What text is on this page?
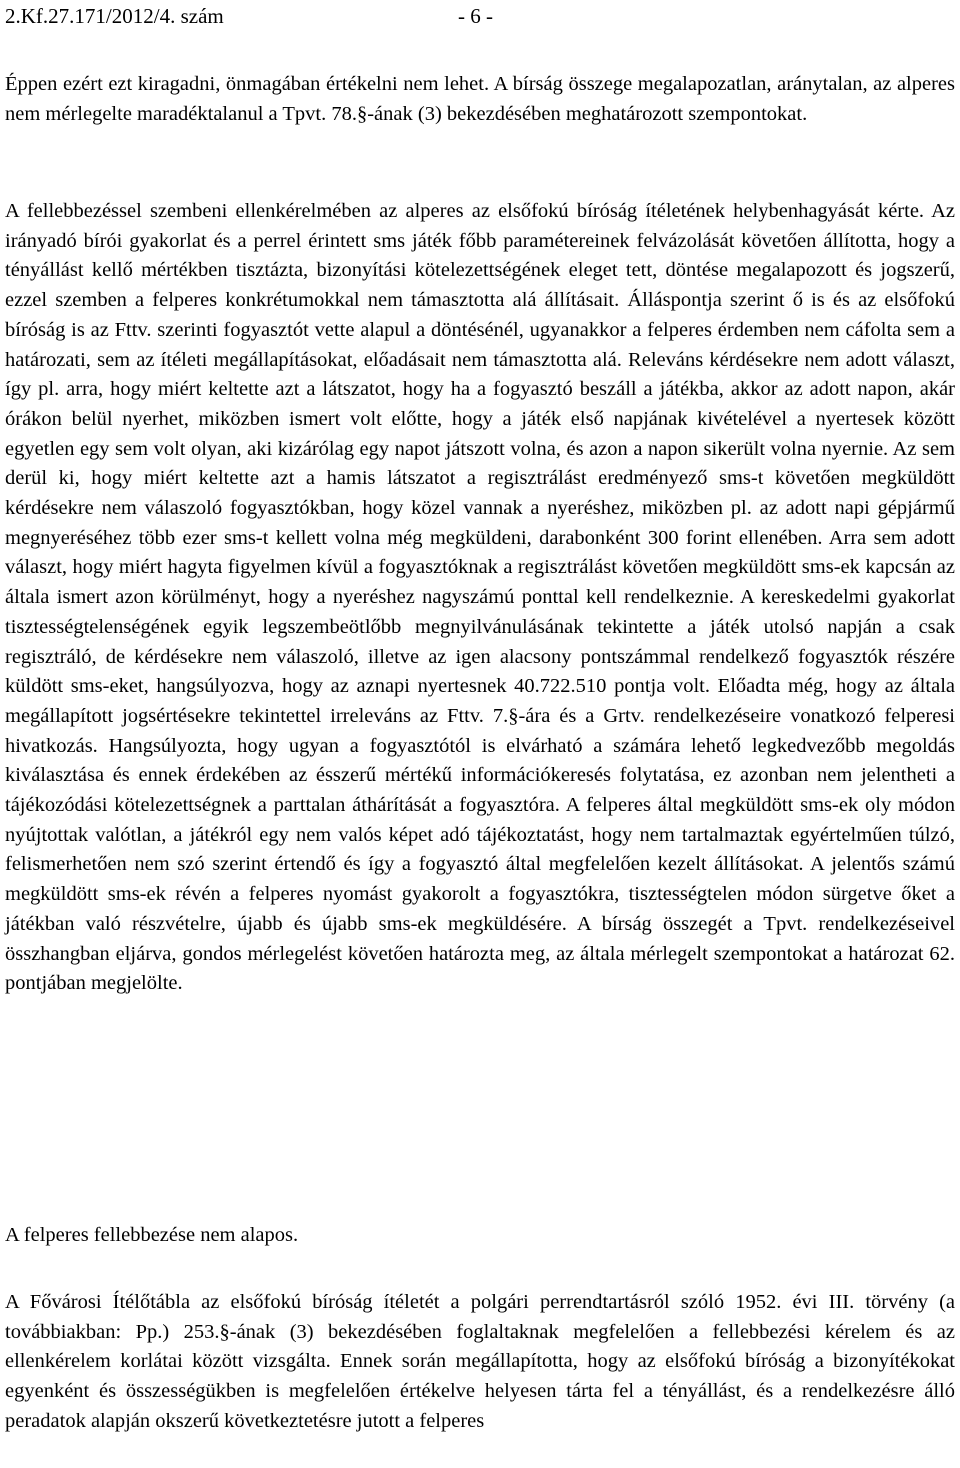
2.Kf.27.171/2012/4. szám	- 6 -

Éppen ezért ezt kiragadni, önmagában értékelni nem lehet. A bírság összege megalapozatlan, aránytalan, az alperes nem mérlegelte maradéktalanul a Tpvt. 78.§-ának (3) bekezdésében meghatározott szempontokat.

A fellebbezéssel szembeni ellenkérelmében az alperes az elsőfokú bíróság ítéletének helybenhagyását kérte. Az irányadó bírói gyakorlat és a perrel érintett sms játék főbb paramétereinek felvázolását követően állította, hogy a tényállást kellő mértékben tisztázta, bizonyítási kötelezettségének eleget tett, döntése megalapozott és jogszerű, ezzel szemben a felperes konkrétumokkal nem támasztotta alá állításait. Álláspontja szerint ő is és az elsőfokú bíróság is az Fttv. szerinti fogyasztót vette alapul a döntésénél, ugyanakkor a felperes érdemben nem cáfolta sem a határozati, sem az ítéleti megállapításokat, előadásait nem támasztotta alá. Releváns kérdésekre nem adott választ, így pl. arra, hogy miért keltette azt a látszatot, hogy ha a fogyasztó beszáll a játékba, akkor az adott napon, akár órákon belül nyerhet, miközben ismert volt előtte, hogy a játék első napjának kivételével a nyertesek között egyetlen egy sem volt olyan, aki kizárólag egy napot játszott volna, és azon a napon sikerült volna nyernie. Az sem derül ki, hogy miért keltette azt a hamis látszatot a regisztrálást eredményező sms-t követően megküldött kérdésekre nem válaszoló fogyasztókban, hogy közel vannak a nyeréshez, miközben pl. az adott napi gépjármű megnyeréséhez több ezer sms-t kellett volna még megküldeni, darabonként 300 forint ellenében. Arra sem adott választ, hogy miért hagyta figyelmen kívül a fogyasztóknak a regisztrálást követően megküldött sms-ek kapcsán az általa ismert azon körülményt, hogy a nyeréshez nagyszámú ponttal kell rendelkeznie. A kereskedelmi gyakorlat tisztességtelenségének egyik legszembeötlőbb megnyilvánulásának tekintette a játék utolsó napján a csak regisztráló, de kérdésekre nem válaszoló, illetve az igen alacsony pontszámmal rendelkező fogyasztók részére küldött sms-eket, hangsúlyozva, hogy az aznapi nyertesnek 40.722.510 pontja volt. Előadta még, hogy az általa megállapított jogsértésekre tekintettel irreleváns az Fttv. 7.§-ára és a Grtv. rendelkezéseire vonatkozó felperesi hivatkozás. Hangsúlyozta, hogy ugyan a fogyasztótól is elvárható a számára lehető legkedvezőbb megoldás kiválasztása és ennek érdekében az ésszerű mértékű információkeresés folytatása, ez azonban nem jelentheti a tájékozódási kötelezettségnek a parttalan áthárítását a fogyasztóra. A felperes által megküldött sms-ek oly módon nyújtottak valótlan, a játékról egy nem valós képet adó tájékoztatást, hogy nem tartalmaztak egyértelműen túlzó, felismerhetően nem szó szerint értendő és így a fogyasztó által megfelelően kezelt állításokat. A jelentős számú megküldött sms-ek révén a felperes nyomást gyakorolt a fogyasztókra, tisztességtelen módon sürgetve őket a játékban való részvételre, újabb és újabb sms-ek megküldésére. A bírság összegét a Tpvt. rendelkezéseivel összhangban eljárva, gondos mérlegelést követően határozta meg, az általa mérlegelt szempontokat a határozat 62. pontjában megjelölte.

A felperes fellebbezése nem alapos.

A Fővárosi Ítélőtábla az elsőfokú bíróság ítéletét a polgári perrendtartásról szóló 1952. évi III. törvény (a továbbiakban: Pp.) 253.§-ának (3) bekezdésében foglaltaknak megfelelően a fellebbezési kérelem és az ellenkérelem korlátai között vizsgálta. Ennek során megállapította, hogy az elsőfokú bíróság a bizonyítékokat egyenként és összességükben is megfelelően értékelve helyesen tárta fel a tényállást, és a rendelkezésre álló peradatok alapján okszerű következtetésre jutott a felperes
